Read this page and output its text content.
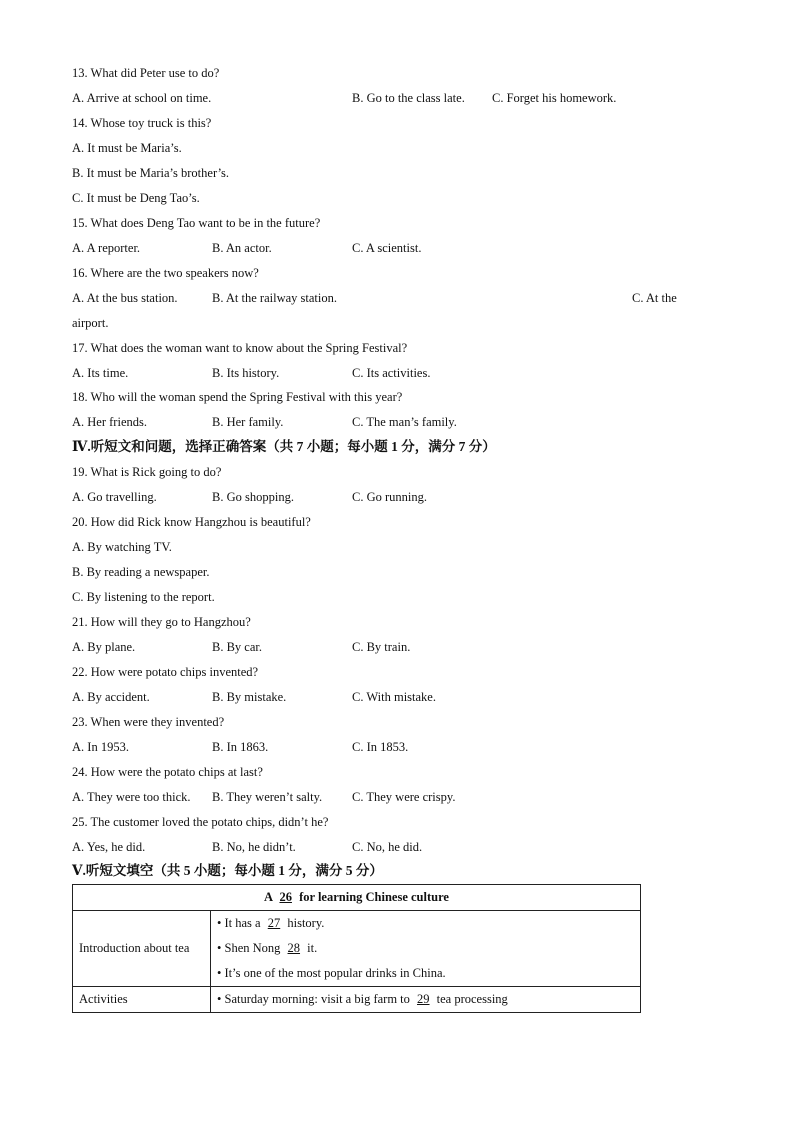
13. What did Peter use to do?
A. Arrive at school on time.	B. Go to the class late. C. Forget his homework.
14. Whose toy truck is this?
A. It must be Maria’s.
B. It must be Maria’s brother’s.
C. It must be Deng Tao’s.
15. What does Deng Tao want to be in the future?
A. A reporter.	B. An actor.	C. A scientist.
16. Where are the two speakers now?
A. At the bus station.	B. At the railway station.	C. At the
airport.
17. What does the woman want to know about the Spring Festival?
A. Its time.	B. Its history.	C. Its activities.
18. Who will the woman spend the Spring Festival with this year?
A. Her friends.	B. Her family.	C. The man’s family.
19. What is Rick going to do?
A. Go travelling.	B. Go shopping.	C. Go running.
20. How did Rick know Hangzhou is beautiful?
A. By watching TV.
B. By reading a newspaper.
C. By listening to the report.
21. How will they go to Hangzhou?
A. By plane.	B. By car.	C. By train.
22. How were potato chips invented?
A. By accident.	B. By mistake.	C. With mistake.
23. When were they invented?
A. In 1953.	B. In 1863.	C. In 1853.
24. How were the potato chips at last?
A. They were too thick. B. They weren’t salty. C. They were crispy.
25. The customer loved the potato chips, didn’t he?
A. Yes, he did.	B. No, he didn’t.	C. No, he did.
Ⅳ.听短文和问题，选择正确答案（共 7 小题；每小题 1 分，满分 7 分）
Ⅴ.听短文填空（共 5 小题；每小题 1 分，满分 5 分）
A 26 for learning Chinese culture	
Introduction about tea	• It has a 27 history.
• Shen Nong 28 it.
• It’s one of the most popular drinks in China.

Activities	• Saturday morning: visit a big farm to 29 tea processing
